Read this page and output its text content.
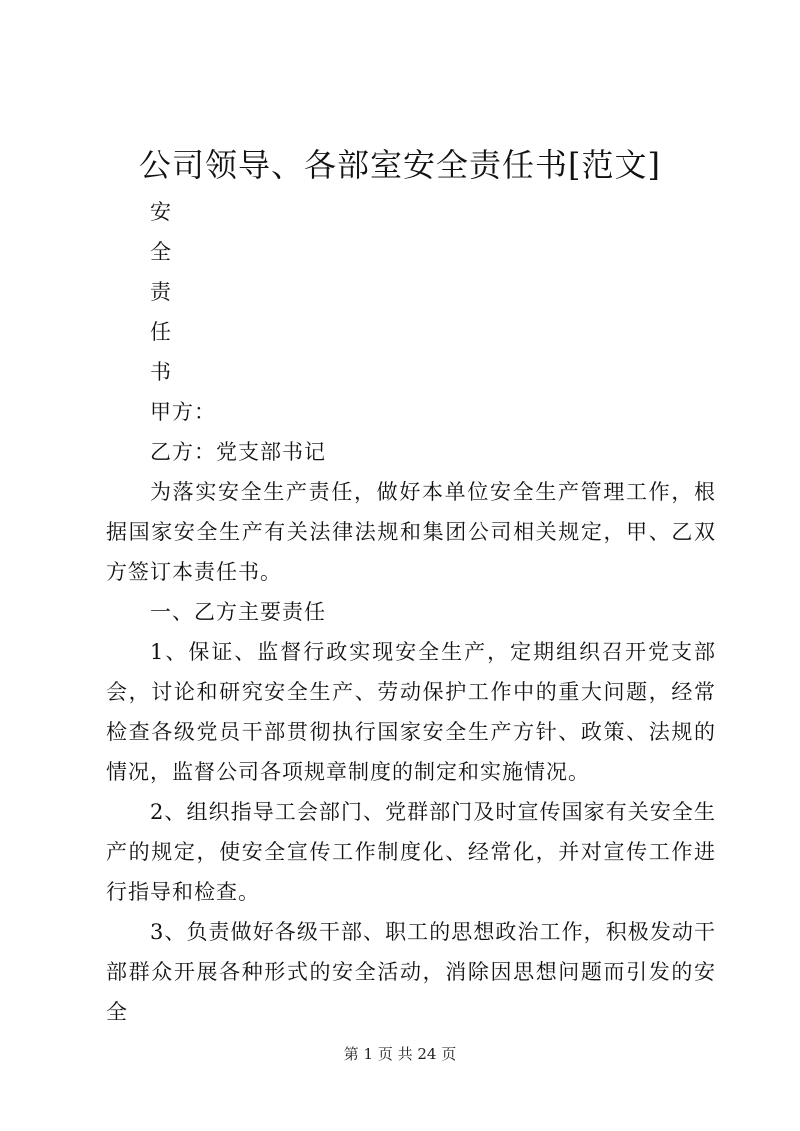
公司领导、各部室安全责任书[范文]
安
全
责
任
书

甲方：

乙方：党支部书记

为落实安全生产责任，做好本单位安全生产管理工作，根据国家安全生产有关法律法规和集团公司相关规定，甲、乙双方签订本责任书。

一、乙方主要责任

1、保证、监督行政实现安全生产，定期组织召开党支部会，讨论和研究安全生产、劳动保护工作中的重大问题，经常检查各级党员干部贯彻执行国家安全生产方针、政策、法规的情况，监督公司各项规章制度的制定和实施情况。

2、组织指导工会部门、党群部门及时宣传国家有关安全生产的规定，使安全宣传工作制度化、经常化，并对宣传工作进行指导和检查。

3、负责做好各级干部、职工的思想政治工作，积极发动干部群众开展各种形式的安全活动，消除因思想问题而引发的安全

第 1 页 共 24 页
